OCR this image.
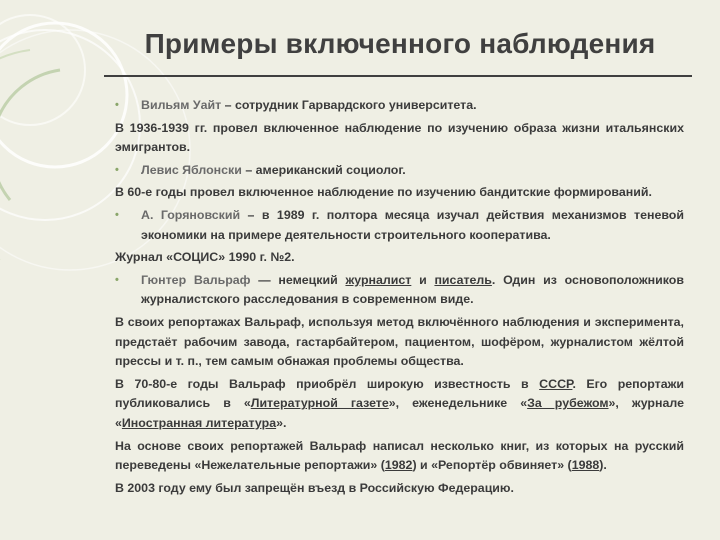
Примеры включенного наблюдения
• Вильям Уайт – сотрудник Гарвардского университета.
В 1936-1939 гг. провел включенное наблюдение по изучению образа жизни итальянских эмигрантов.
• Левис Яблонски – американский социолог.
В 60-е годы провел включенное наблюдение по изучению бандитские формирований.
• А. Горяновский – в 1989 г. полтора месяца изучал действия механизмов теневой экономики на примере деятельности строительного кооператива.
Журнал «СОЦИС» 1990 г. №2.
• Гюнтер Вальраф — немецкий журналист и писатель. Один из основоположников журналистского расследования в современном виде.
В своих репортажах Вальраф, используя метод включённого наблюдения и эксперимента, предстаёт рабочим завода, гастарбайтером, пациентом, шофёром, журналистом жёлтой прессы и т. п., тем самым обнажая проблемы общества.
В 70-80-е годы Вальраф приобрёл широкую известность в СССР. Его репортажи публиковались в «Литературной газете», еженедельнике «За рубежом», журнале «Иностранная литература».
На основе своих репортажей Вальраф написал несколько книг, из которых на русский переведены «Нежелательные репортажи» (1982) и «Репортёр обвиняет» (1988).
В 2003 году ему был запрещён въезд в Российскую Федерацию.
